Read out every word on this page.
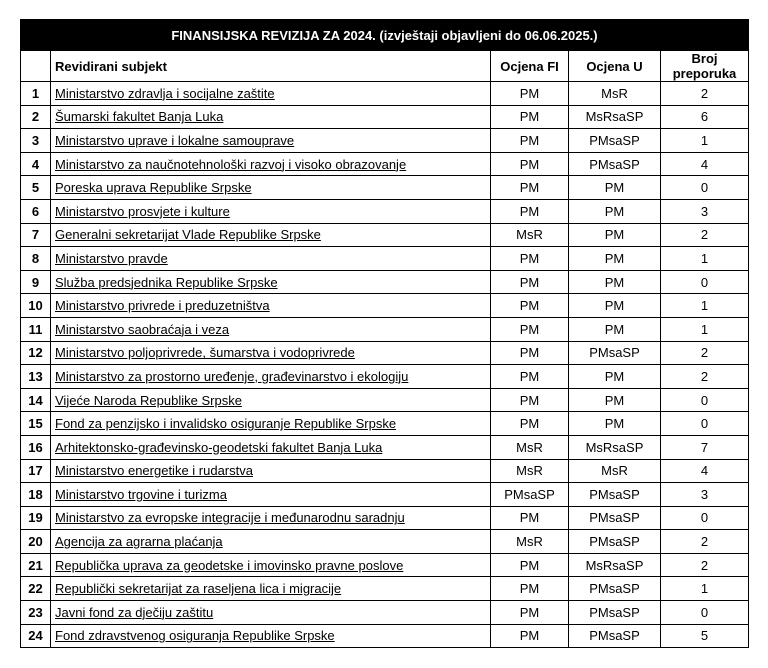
FINANSIJSKA REVIZIJA ZA 2024. (izvještaji objavljeni do 06.06.2025.)				
	Revidirani subjekt	Ocjena FI	Ocjena U	Broj preporuka
1	Ministarstvo zdravlja i socijalne zaštite	PM	MsR	2
2	Šumarski fakultet Banja Luka	PM	MsRsaSP	6
3	Ministarstvo uprave i lokalne samouprave	PM	PMsaSP	1
4	Ministarstvo za naučnotehnološki razvoj i visoko obrazovanje	PM	PMsaSP	4
5	Poreska uprava Republike Srpske	PM	PM	0
6	Ministarstvo prosvjete i kulture	PM	PM	3
7	Generalni sekretarijat Vlade Republike Srpske	MsR	PM	2
8	Ministarstvo pravde	PM	PM	1
9	Služba predsjednika Republike Srpske	PM	PM	0
10	Ministarstvo privrede i preduzetništva	PM	PM	1
11	Ministarstvo saobraćaja i veza	PM	PM	1
12	Ministarstvo poljoprivrede, šumarstva i vodoprivrede	PM	PMsaSP	2
13	Ministarstvo za prostorno uređenje, građevinarstvo i ekologiju	PM	PM	2
14	Vijeće Naroda Republike Srpske	PM	PM	0
15	Fond za penzijsko i invalidsko osiguranje Republike Srpske	PM	PM	0
16	Arhitektonsko-građevinsko-geodetski fakultet Banja Luka	MsR	MsRsaSP	7
17	Ministarstvo energetike i rudarstva	MsR	MsR	4
18	Ministarstvo trgovine i turizma	PMsaSP	PMsaSP	3
19	Ministarstvo za evropske integracije i međunarodnu saradnju	PM	PMsaSP	0
20	Agencija za agrarna plaćanja	MsR	PMsaSP	2
21	Republička uprava za geodetske i imovinsko pravne poslove	PM	MsRsaSP	2
22	Republički sekretarijat za raseljena lica i migracije	PM	PMsaSP	1
23	Javni fond za dječiju zaštitu	PM	PMsaSP	0
24	Fond zdravstvenog osiguranja Republike Srpske	PM	PMsaSP	5
